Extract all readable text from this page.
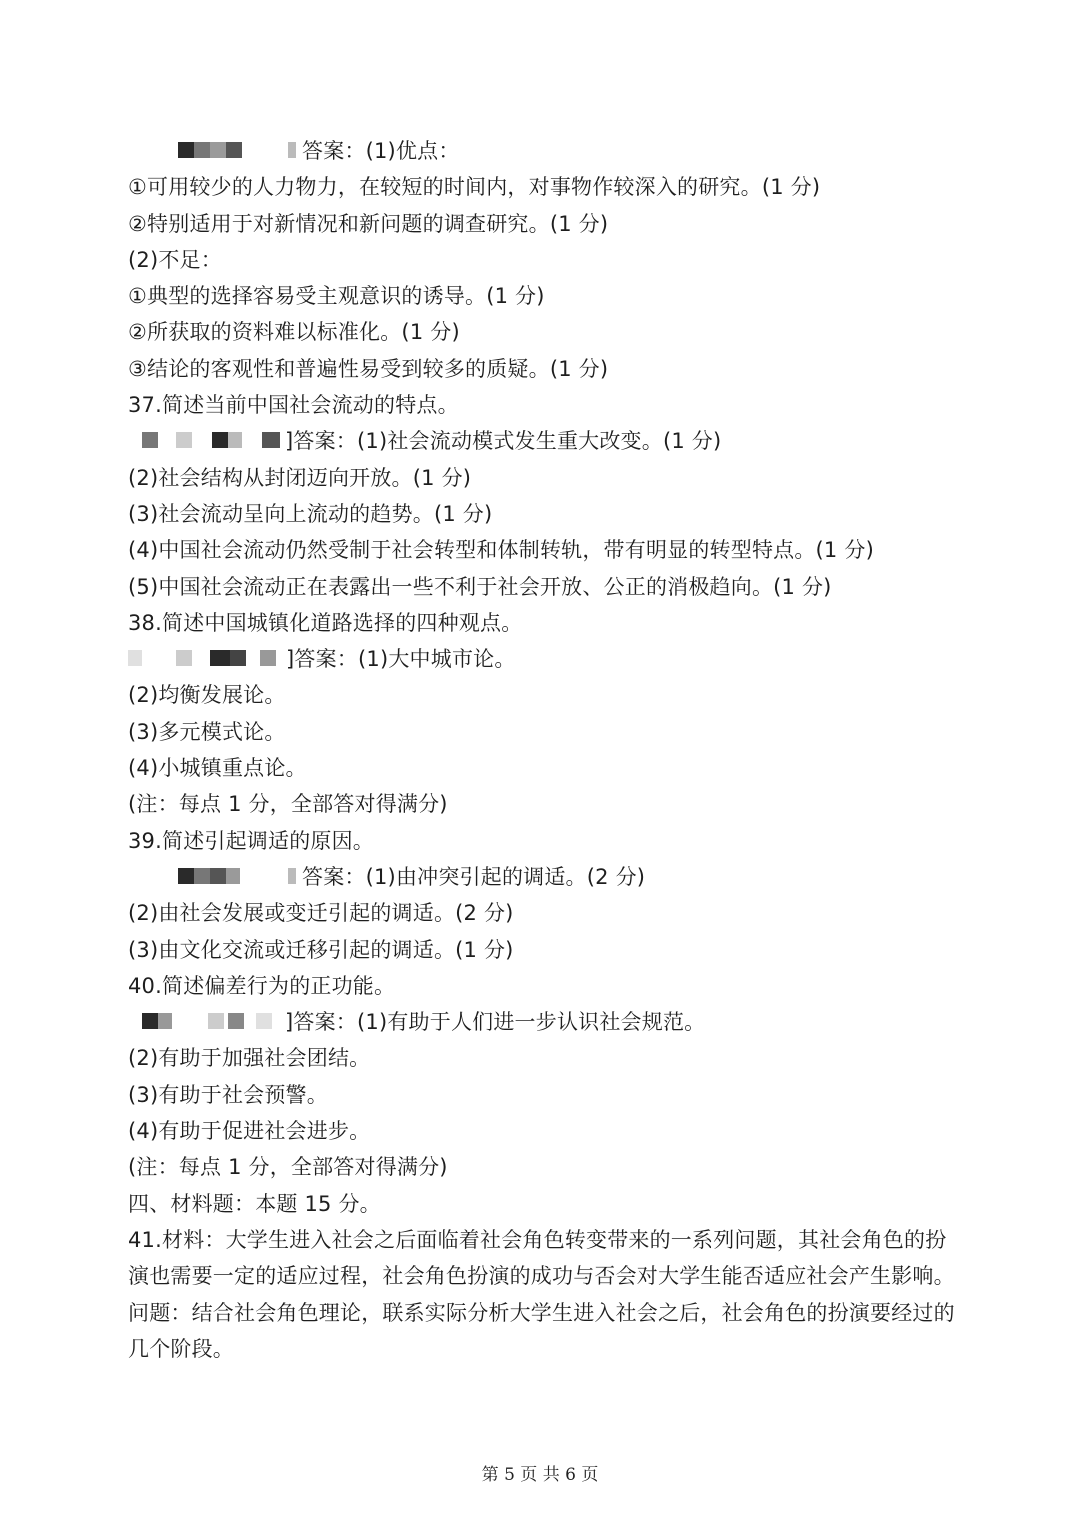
答案：(1)优点：
①可用较少的人力物力，在较短的时间内，对事物作较深入的研究。(1 分)
②特别适用于对新情况和新问题的调查研究。(1 分)
(2)不足：
①典型的选择容易受主观意识的诱导。(1 分)
②所获取的资料难以标准化。(1 分)
③结论的客观性和普遍性易受到较多的质疑。(1 分)
37.简述当前中国社会流动的特点。
]答案：(1)社会流动模式发生重大改变。(1 分)
(2)社会结构从封闭迈向开放。(1 分)
(3)社会流动呈向上流动的趋势。(1 分)
(4)中国社会流动仍然受制于社会转型和体制转轨，带有明显的转型特点。(1 分)
(5)中国社会流动正在表露出一些不利于社会开放、公正的消极趋向。(1 分)
38.简述中国城镇化道路选择的四种观点。
]答案：(1)大中城市论。
(2)均衡发展论。
(3)多元模式论。
(4)小城镇重点论。
(注：每点 1 分，全部答对得满分)
39.简述引起调适的原因。
答案：(1)由冲突引起的调适。(2 分)
(2)由社会发展或变迁引起的调适。(2 分)
(3)由文化交流或迁移引起的调适。(1 分)
40.简述偏差行为的正功能。
]答案：(1)有助于人们进一步认识社会规范。
(2)有助于加强社会团结。
(3)有助于社会预警。
(4)有助于促进社会进步。
(注：每点 1 分，全部答对得满分)
四、材料题：本题 15 分。
41.材料：大学生进入社会之后面临着社会角色转变带来的一系列问题，其社会角色的扮演也需要一定的适应过程，社会角色扮演的成功与否会对大学生能否适应社会产生影响。
问题：结合社会角色理论，联系实际分析大学生进入社会之后，社会角色的扮演要经过的几个阶段。
第 5 页 共 6 页
